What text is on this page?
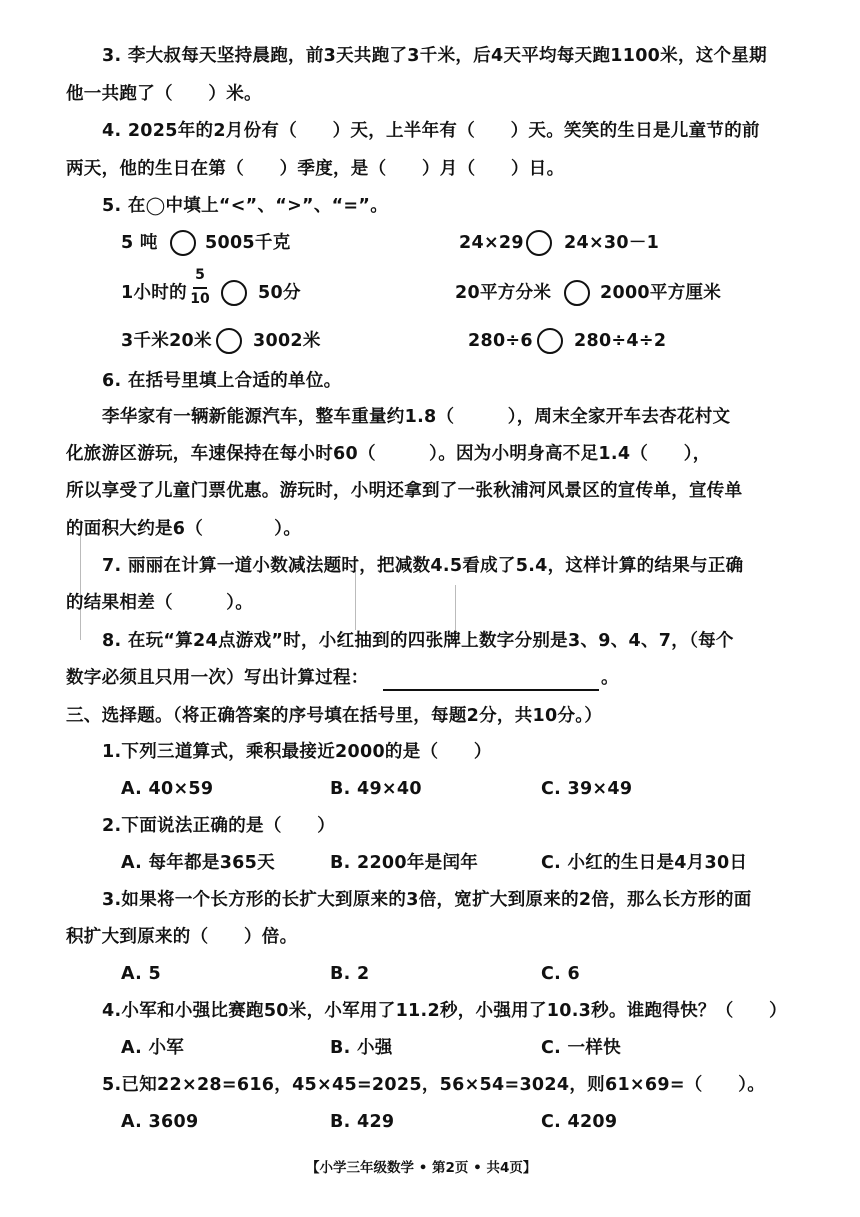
3. 李大叔每天坚持晨跑，前3天共跑了3千米，后4天平均每天跑1100米，这个星期
他一共跑了（　　）米。
4. 2025年的2月份有（　　）天，上半年有（　　）天。笑笑的生日是儿童节的前
两天，他的生日在第（　　）季度，是（　　）月（　　）日。
5. 在◯中填上“<”、“>”、“=”。
5 吨	5005千克	24×29 24×30－1
1小时的
5
10	50分	20平方分米	2000平方厘米
3千米20米 3002米	280÷6 280÷4÷2
6. 在括号里填上合适的单位。
李华家有一辆新能源汽车，整车重量约1.8（　　　），周末全家开车去杏花村文
化旅游区游玩，车速保持在每小时60（　　　）。因为小明身高不足1.4（　　），
所以享受了儿童门票优惠。游玩时，小明还拿到了一张秋浦河风景区的宣传单，宣传单
的面积大约是6（　　　　）。
7. 丽丽在计算一道小数减法题时，把减数4.5看成了5.4，这样计算的结果与正确
的结果相差（　　　）。
8. 在玩“算24点游戏”时，小红抽到的四张牌上数字分别是3、9、4、7，（每个
数字必须且只用一次）写出计算过程：	。
三、选择题。（将正确答案的序号填在括号里，每题2分，共10分。）
1.下列三道算式，乘积最接近2000的是（　　）
A. 40×59	B. 49×40	C. 39×49
2.下面说法正确的是（　　）
A. 每年都是365天	B. 2200年是闰年	C. 小红的生日是4月30日
3.如果将一个长方形的长扩大到原来的3倍，宽扩大到原来的2倍，那么长方形的面
积扩大到原来的（　　）倍。
A. 5	B. 2	C. 6
4.小军和小强比赛跑50米，小军用了11.2秒，小强用了10.3秒。谁跑得快？（　　）
A. 小军	B. 小强	C. 一样快
5.已知22×28=616，45×45=2025，56×54=3024，则61×69=（　　）。
A. 3609	B. 429	C. 4209
【小学三年级数学 • 第2页 • 共4页】
